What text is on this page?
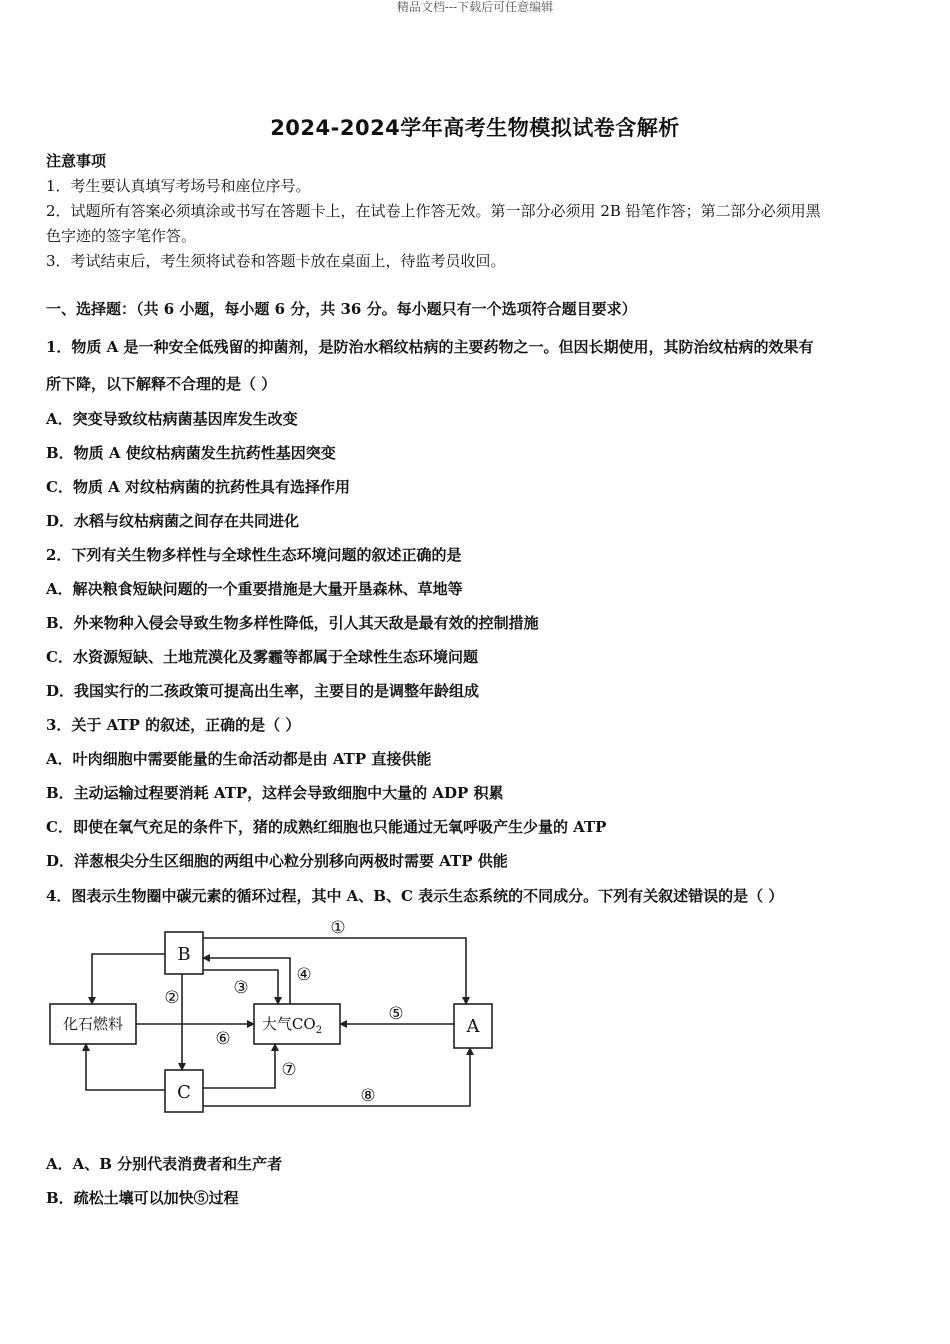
精品文档---下载后可任意编辑
2024-2024学年高考生物模拟试卷含解析
注意事项
1．考生要认真填写考场号和座位序号。
2．试题所有答案必须填涂或书写在答题卡上，在试卷上作答无效。第一部分必须用 2B 铅笔作答；第二部分必须用黑
色字迹的签字笔作答。
3．考试结束后，考生须将试卷和答题卡放在桌面上，待监考员收回。
一、选择题：（共 6 小题，每小题 6 分，共 36 分。每小题只有一个选项符合题目要求）
1．物质 A 是一种安全低残留的抑菌剂，是防治水稻纹枯病的主要药物之一。但因长期使用，其防治纹枯病的效果有
所下降，以下解释不合理的是（ ）
A．突变导致纹枯病菌基因库发生改变
B．物质 A 使纹枯病菌发生抗药性基因突变
C．物质 A 对纹枯病菌的抗药性具有选择作用
D．水稻与纹枯病菌之间存在共同进化
2．下列有关生物多样性与全球性生态环境问题的叙述正确的是
A．解决粮食短缺问题的一个重要措施是大量开垦森林、草地等
B．外来物种入侵会导致生物多样性降低，引人其天敌是最有效的控制措施
C．水资源短缺、土地荒漠化及雾霾等都属于全球性生态环境问题
D．我国实行的二孩政策可提高出生率，主要目的是调整年龄组成
3．关于 ATP 的叙述，正确的是（ ）
A．叶肉细胞中需要能量的生命活动都是由 ATP 直接供能
B．主动运输过程要消耗 ATP，这样会导致细胞中大量的 ADP 积累
C．即使在氧气充足的条件下，猪的成熟红细胞也只能通过无氧呼吸产生少量的 ATP
D．洋葱根尖分生区细胞的两组中心粒分别移向两极时需要 ATP 供能
4．图表示生物圈中碳元素的循环过程，其中 A、B、C 表示生态系统的不同成分。下列有关叙述错误的是（ ）
B
A
C
化石燃料	大气$CO_2$
①
②	③
④
⑤
⑥
⑦
⑧
A．A、B 分别代表消费者和生产者
B．疏松土壤可以加快⑤过程
